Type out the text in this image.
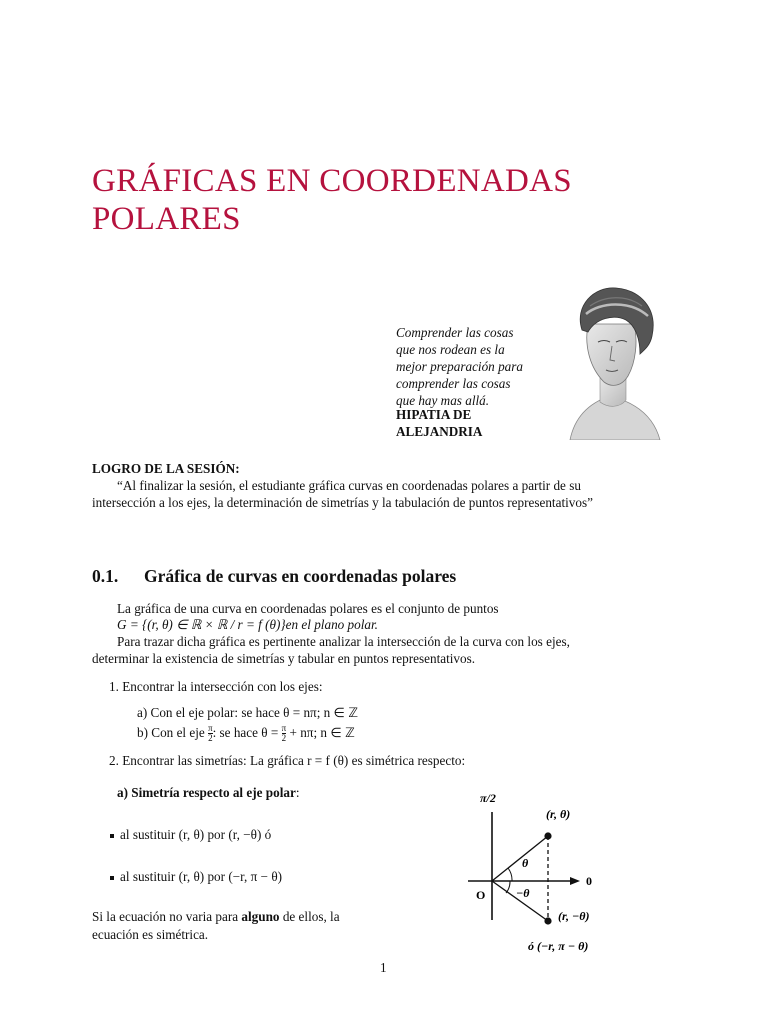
GRÁFICAS EN COORDENADAS
POLARES
Comprender las cosas
que nos rodean es la
mejor preparación para
comprender las cosas
que hay mas allá.
HIPATIA DE
ALEJANDRIA
LOGRO DE LA SESIÓN:
“Al finalizar la sesión, el estudiante gráfica curvas en coordenadas polares a partir de su
intersección a los ejes, la determinación de simetrías y la tabulación de puntos representativos”
0.1. Gráfica de curvas en coordenadas polares
La gráfica de una curva en coordenadas polares es el conjunto de puntos
G = {(r, θ) ∈ ℝ × ℝ / r = f (θ)}en el plano polar.
Para trazar dicha gráfica es pertinente analizar la intersección de la curva con los ejes,
determinar la existencia de simetrías y tabular en puntos representativos.
1. Encontrar la intersección con los ejes:
a) Con el eje polar: se hace θ = nπ; n ∈ ℤ
b) Con el eje $\frac{\pi}{2}$ : se hace $\theta = \frac{\pi}{2} + n\pi$; n ∈ ℤ
2. Encontrar las simetrías: La gráfica r = f (θ) es simétrica respecto:
a) Simetría respecto al eje polar:
al sustituir (r, θ) por (r, −θ) ó
al sustituir (r, θ) por (−r, π − θ)
Si la ecuación no varia para alguno de ellos, la
ecuación es simétrica.
π/2
O
0
(r, θ)
(r, −θ)
ó (−r, π − θ)
θ
−θ
1
